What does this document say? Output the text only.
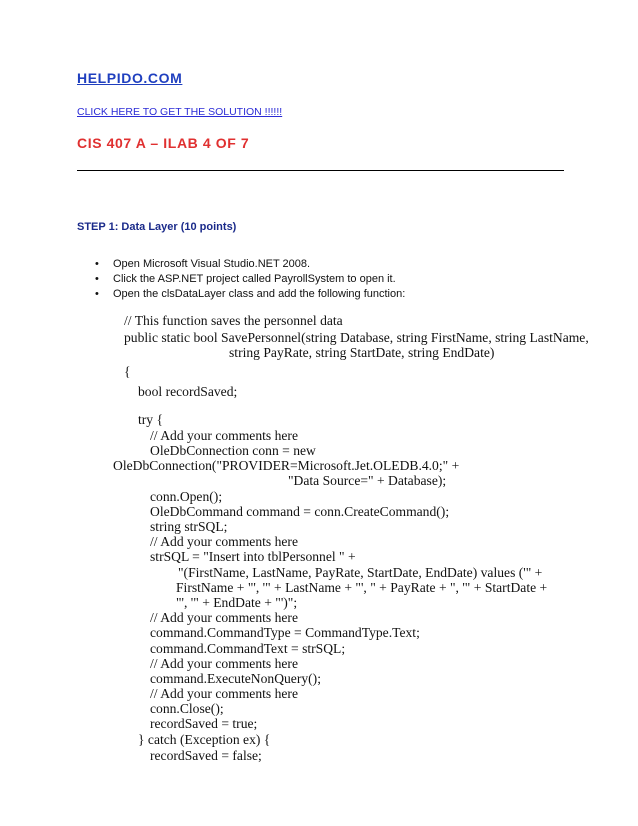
HELPIDO.COM
CLICK HERE TO GET THE SOLUTION !!!!!!
CIS 407 A – ILAB 4 OF 7
STEP 1: Data Layer (10 points)
• Open Microsoft Visual Studio.NET 2008.
• Click the ASP.NET project called PayrollSystem to open it.
• Open the clsDataLayer class and add the following function:
// This function saves the personnel data
public static bool SavePersonnel(string Database, string FirstName, string LastName,
string PayRate, string StartDate, string EndDate)
{
bool recordSaved;
try {
// Add your comments here
OleDbConnection conn = new
OleDbConnection("PROVIDER=Microsoft.Jet.OLEDB.4.0;" +
"Data Source=" + Database);
conn.Open();
OleDbCommand command = conn.CreateCommand();
string strSQL;
// Add your comments here
strSQL = "Insert into tblPersonnel " +
"(FirstName, LastName, PayRate, StartDate, EndDate) values ('" +
FirstName + "', '" + LastName + "', " + PayRate + ", '" + StartDate +
"', '" + EndDate + "')";
// Add your comments here
command.CommandType = CommandType.Text;
command.CommandText = strSQL;
// Add your comments here
command.ExecuteNonQuery();
// Add your comments here
conn.Close();
recordSaved = true;
} catch (Exception ex) {
recordSaved = false;
